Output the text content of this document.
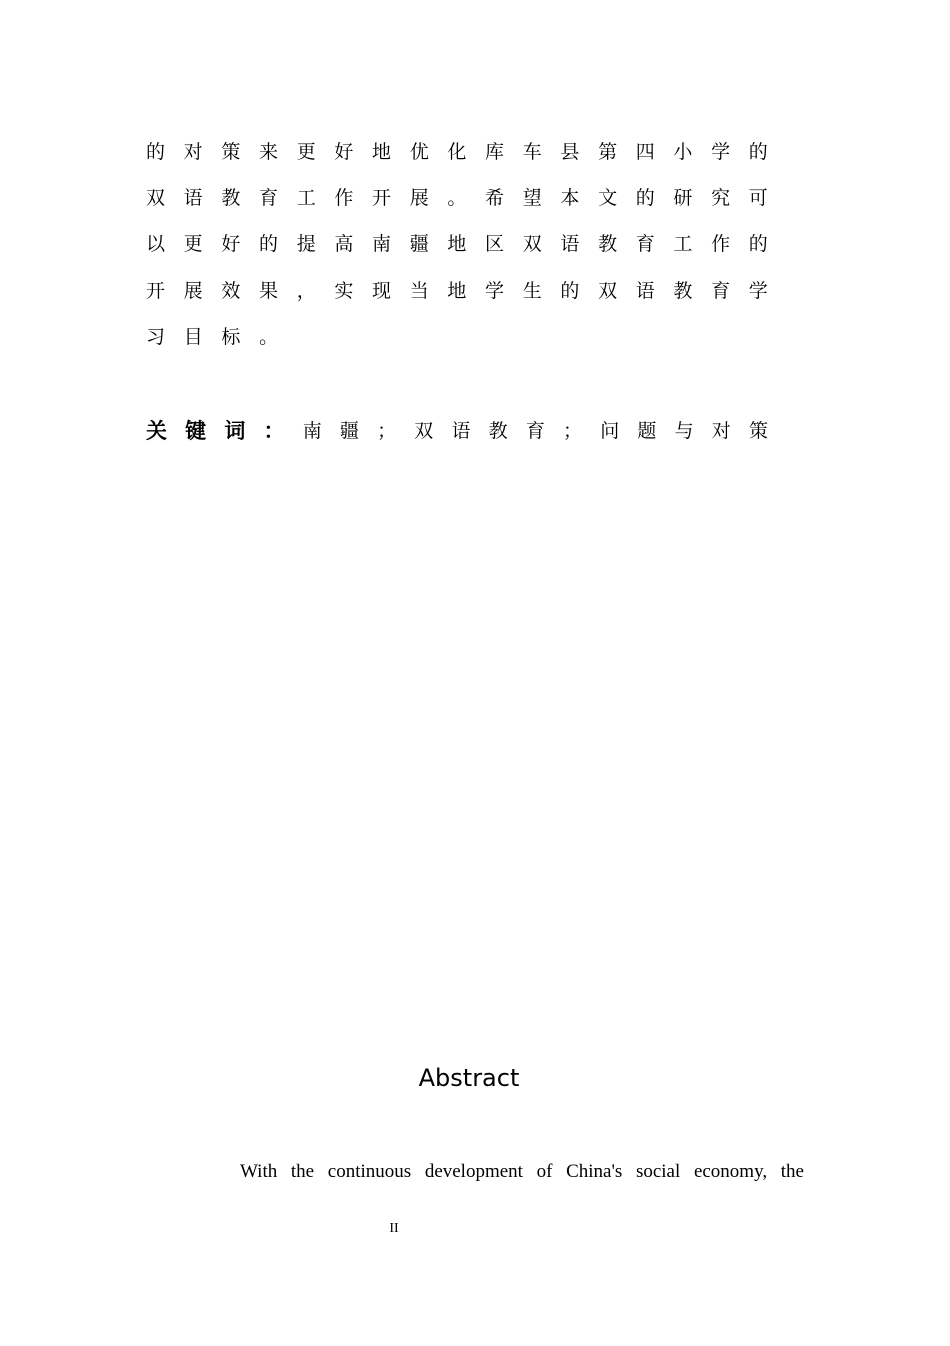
的 对 策 来 更 好 地 优 化 库 车 县 第 四 小 学 的
双 语 教 育 工 作 开 展 。 希 望 本 文 的 研 究 可
以 更 好 的 提 高 南 疆 地 区 双 语 教 育 工 作 的
开 展 效 果 ， 实 现 当 地 学 生 的 双 语 教 育 学
习 目 标 。
关 键 词 ： 南 疆 ； 双 语 教 育 ； 问 题 与 对 策
Abstract
With the continuous development of China's social economy, the
II
